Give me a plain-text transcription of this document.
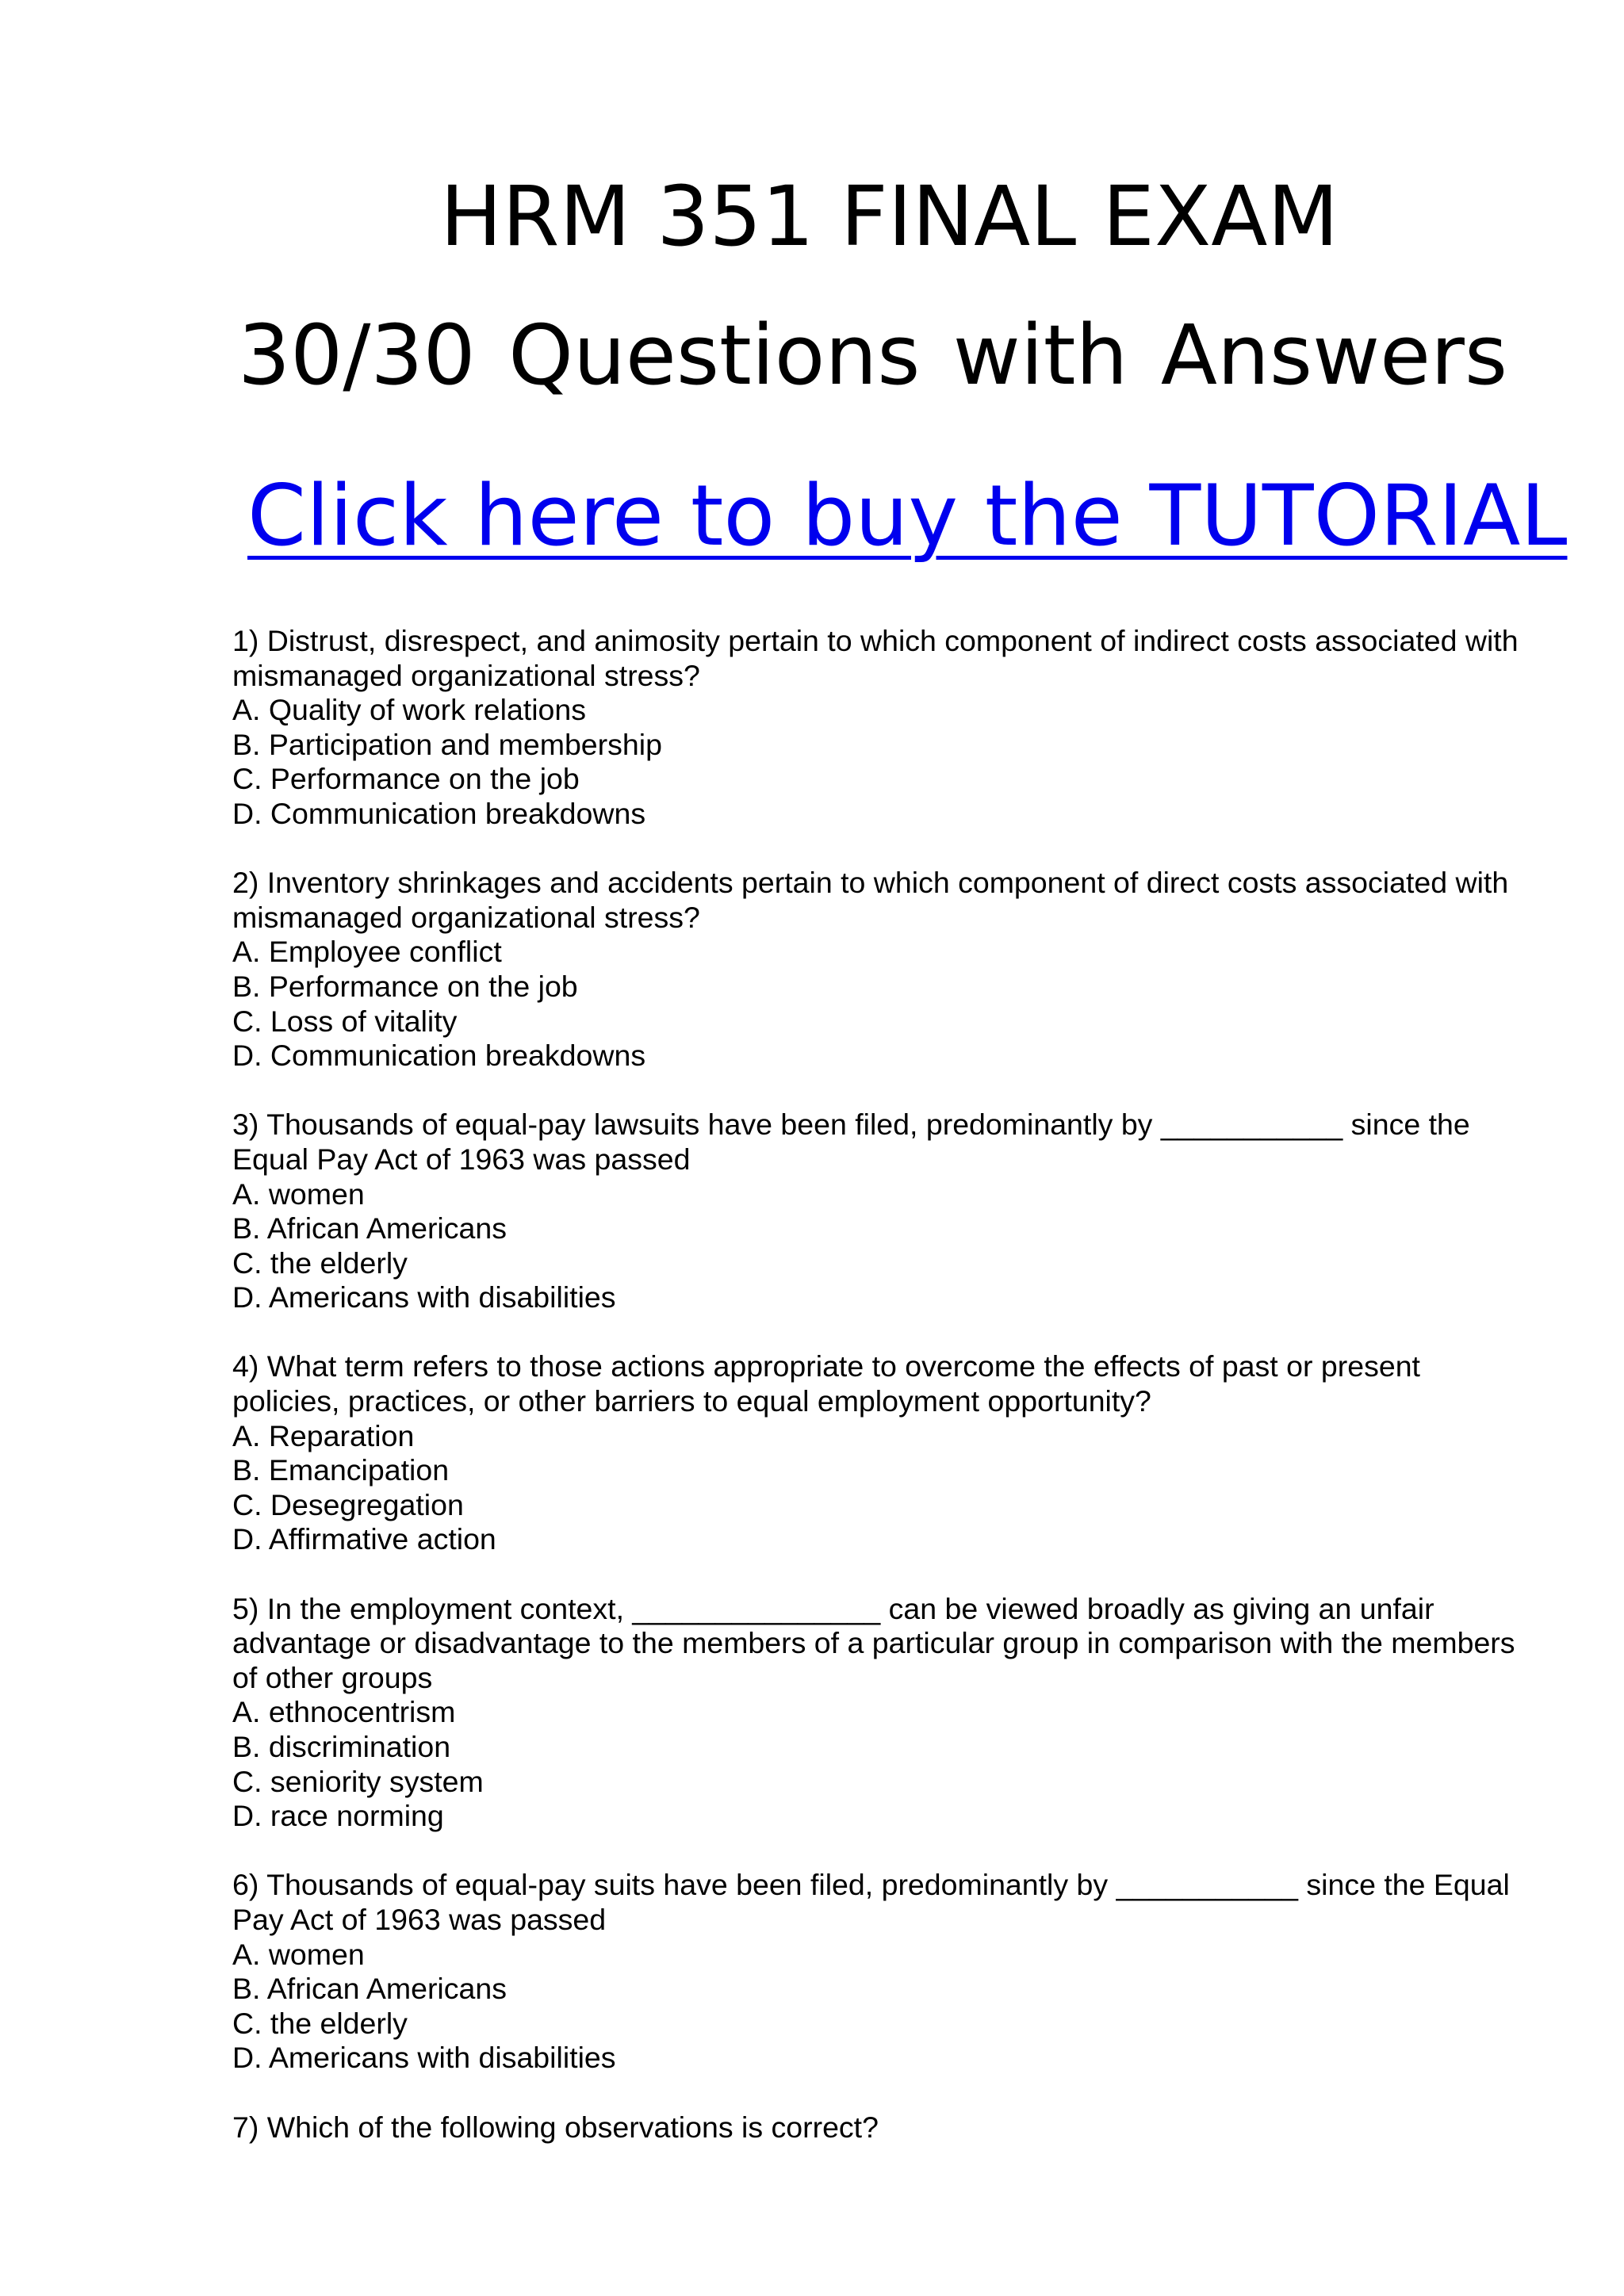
HRM 351 FINAL EXAM
30/30 Questions with Answers
Click here to buy the TUTORIAL

1) Distrust, disrespect, and animosity pertain to which component of indirect costs associated with mismanaged organizational stress?

A. Quality of work relations
B. Participation and membership
C. Performance on the job
D. Communication breakdowns

2) Inventory shrinkages and accidents pertain to which component of direct costs associated with mismanaged organizational stress?

A. Employee conflict
B. Performance on the job
C. Loss of vitality
D. Communication breakdowns

3) Thousands of equal-pay lawsuits have been filed, predominantly by ___________ since the Equal Pay Act of 1963 was passed

A. women
B. African Americans
C. the elderly
D. Americans with disabilities

4) What term refers to those actions appropriate to overcome the effects of past or present policies, practices, or other barriers to equal employment opportunity?

A. Reparation
B. Emancipation
C. Desegregation
D. Affirmative action

5) In the employment context, _______________ can be viewed broadly as giving an unfair advantage or disadvantage to the members of a particular group in comparison with the members of other groups

A. ethnocentrism
B. discrimination
C. seniority system
D. race norming

6) Thousands of equal-pay suits have been filed, predominantly by ___________ since the Equal Pay Act of 1963 was passed

A. women
B. African Americans
C. the elderly
D. Americans with disabilities

7) Which of the following observations is correct?
